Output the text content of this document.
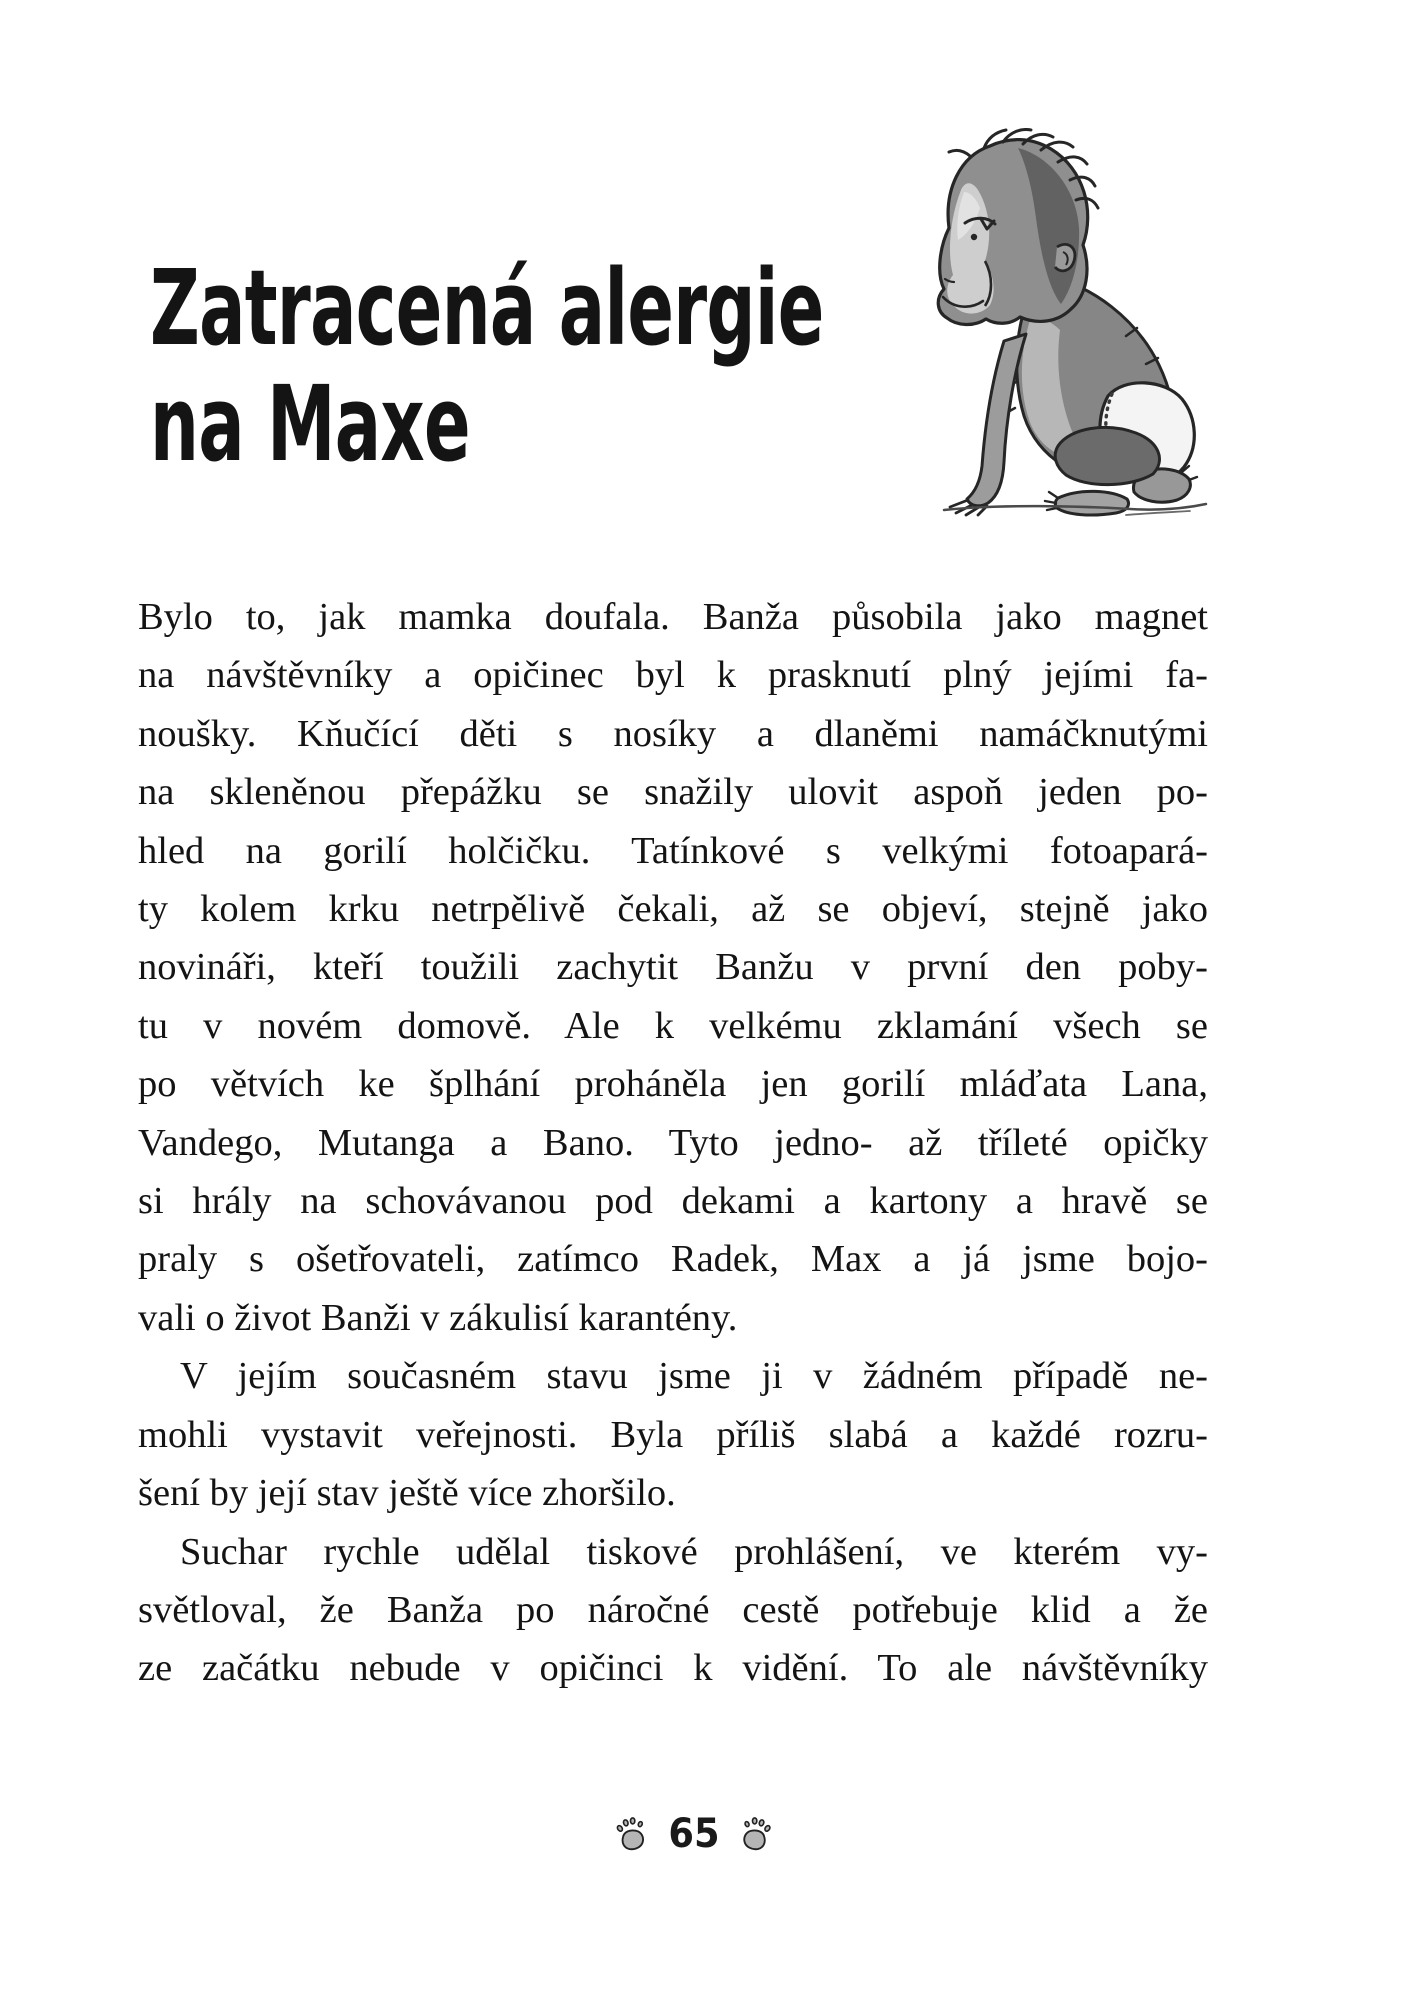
Zatracená alergie
na Maxe
Bylo to, jak mamka doufala. Banža působila jako magnet
na návštěvníky a opičinec byl k prasknutí plný jejími fa-
noušky. Kňučící děti s nosíky a dlaněmi namáčknutými
na skleněnou přepážku se snažily ulovit aspoň jeden po-
hled na gorilí holčičku. Tatínkové s velkými fotoapará-
ty kolem krku netrpělivě čekali, až se objeví, stejně jako
novináři, kteří toužili zachytit Banžu v první den poby-
tu v novém domově. Ale k velkému zklamání všech se
po větvích ke šplhání proháněla jen gorilí mláďata Lana,
Vandego, Mutanga a Bano. Tyto jedno- až tříleté opičky
si hrály na schovávanou pod dekami a kartony a hravě se
praly s ošetřovateli, zatímco Radek, Max a já jsme bojo-
vali o život Banži v zákulisí karantény.
V jejím současném stavu jsme ji v žádném případě ne-
mohli vystavit veřejnosti. Byla příliš slabá a každé rozru-
šení by její stav ještě více zhoršilo.
Suchar rychle udělal tiskové prohlášení, ve kterém vy-
světloval, že Banža po náročné cestě potřebuje klid a že
ze začátku nebude v opičinci k vidění. To ale návštěvníky
65
